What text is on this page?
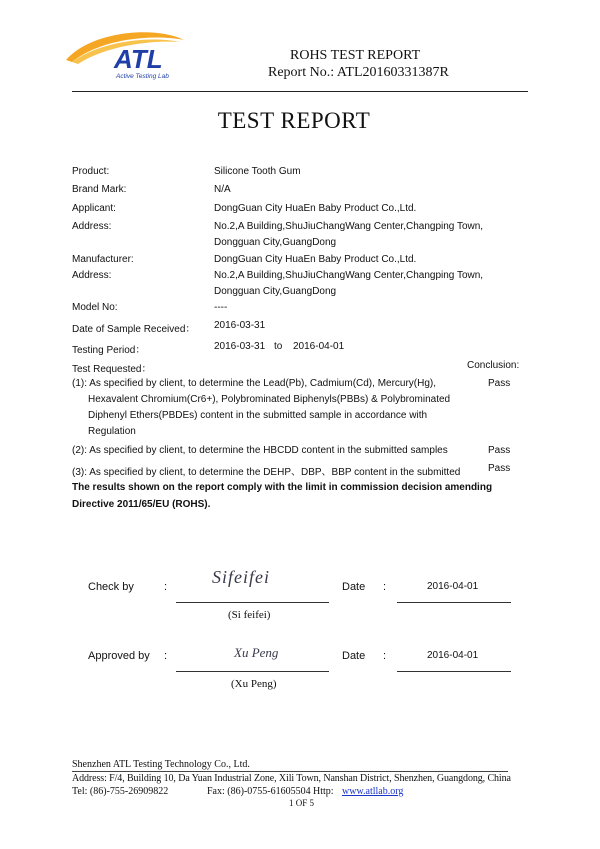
ATL
Active Testing Lab
ROHS TEST REPORT
Report No.: ATL20160331387R
TEST REPORT
Product:	Silicone Tooth Gum
Brand Mark:	N/A
Applicant:	DongGuan City HuaEn Baby Product Co.,Ltd.
Address:	No.2,A Building,ShuJiuChangWang Center,Changping Town,
Dongguan City,GuangDong
Manufacturer:	DongGuan City HuaEn Baby Product Co.,Ltd.
Address:	No.2,A Building,ShuJiuChangWang Center,Changping Town,
Dongguan City,GuangDong
Model No:	----
Date of Sample Received： 2016-03-31
Testing Period：	2016-03-31 to 2016-04-01
Test Requested：	Conclusion:
(1): As specified by client, to determine the Lead(Pb), Cadmium(Cd), Mercury(Hg),
Hexavalent Chromium(Cr6+), Polybrominated Biphenyls(PBBs) & Polybrominated
Diphenyl Ethers(PBDEs) content in the submitted sample in accordance with
Regulation
Pass
(2): As specified by client, to determine the HBCDD content in the submitted samples	Pass
(3): As specified by client, to determine the DEHP、DBP、BBP content in the submitted	Pass
The results shown on the report comply with the limit in commission decision amending
Directive 2011/65/EU (ROHS).
Check by	: Sifeifei
(Si feifei)
Date :	2016-04-01
Approved by :	Xu Peng
(Xu Peng)
Date :	2016-04-01
Shenzhen ATL Testing Technology Co., Ltd.
Address: F/4, Building 10, Da Yuan Industrial Zone, Xili Town, Nanshan District, Shenzhen, Guangdong, China
Tel: (86)-755-26909822	Fax: (86)-0755-61605504 Http: www.atllab.org
1 OF 5
